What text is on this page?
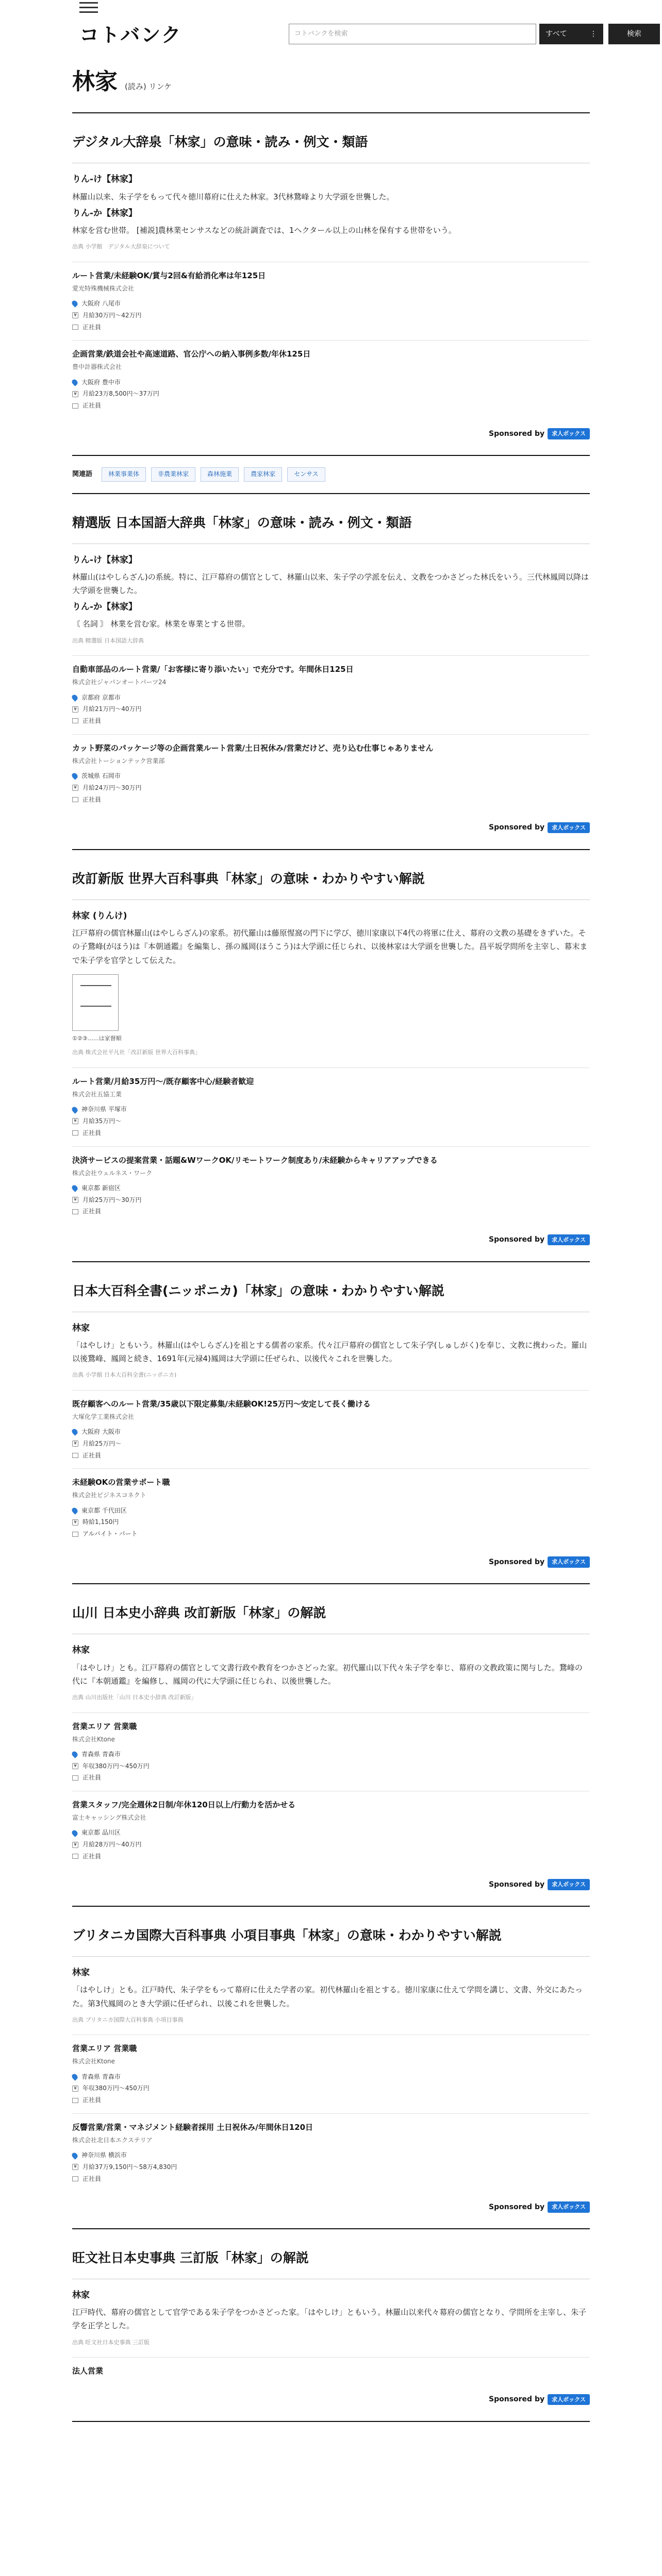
コトバンク	コトバンクを検索	すべて	⋮	検索
林家 (読み) リンケ
デジタル大辞泉「林家」の意味・読み・例文・類語
りん‐け【林家】
林羅山以来、朱子学をもって代々徳川幕府に仕えた林家。3代林鵞峰より大学頭を世襲した。
りん‐か【林家】
林家を営む世帯。 [補説]農林業センサスなどの統計調査では、1ヘクタール以上の山林を保有する世帯をいう。
出典 小学館　デジタル大辞泉について
ルート営業/未経験OK/賞与2回&有給消化率は年125日
愛光特殊機械株式会社
大阪府 八尾市
¥ 月給30万円〜42万円
正社員
企画営業/鉄道会社や高速道路、官公庁への納入事例多数/年休125日
豊中計器株式会社
大阪府 豊中市
¥ 月給23万8,500円〜37万円
正社員
Sponsored by	求人ボックス
関連語	林業事業体	非農業林家	森林施業	農家林家	センサス
精選版 日本国語大辞典「林家」の意味・読み・例文・類語
りん‐け【林家】
林羅山(はやしらざん)の系統。特に、江戸幕府の儒官として、林羅山以来、朱子学の学派を伝え、文教をつかさどった林氏をいう。三代林鳳岡以降は大学頭を世襲した。
りん‐か【林家】
〘 名詞 〙 林業を営む家。林業を専業とする世帯。
出典 精選版 日本国語大辞典
自動車部品のルート営業/「お客様に寄り添いたい」で充分です。年間休日125日
株式会社ジャパンオートパーツ24
京都府 京都市
¥ 月給21万円〜40万円
正社員
カット野菜のパッケージ等の企画営業ルート営業/土日祝休み/営業だけど、売り込む仕事じゃありません
株式会社トーションテック営業部
茨城県 石岡市
¥ 月給24万円〜30万円
正社員
Sponsored by	求人ボックス
改訂新版 世界大百科事典「林家」の意味・わかりやすい解説
林家 (りんけ)
江戸幕府の儒官林羅山(はやしらざん)の家系。初代羅山は藤原惺窩の門下に学び、徳川家康以下4代の将軍に仕え、幕府の文教の基礎をきずいた。その子鵞峰(がほう)は『本朝通鑑』を編集し、孫の鳳岡(ほうこう)は大学頭に任じられ、以後林家は大学頭を世襲した。昌平坂学問所を主宰し、幕末まで朱子学を官学として伝えた。
①②③……は家督順
出典 株式会社平凡社「改訂新版 世界大百科事典」
ルート営業/月給35万円〜/既存顧客中心/経験者歓迎
株式会社五協工業
神奈川県 平塚市
¥ 月給35万円〜
正社員
決済サービスの提案営業・話題&WワークOK/リモートワーク制度あり/未経験からキャリアアップできる
株式会社ウェルネス・ワーク
東京都 新宿区
¥ 月給25万円〜30万円
正社員
Sponsored by	求人ボックス
日本大百科全書(ニッポニカ)「林家」の意味・わかりやすい解説
林家
「はやしけ」ともいう。林羅山(はやしらざん)を祖とする儒者の家系。代々江戸幕府の儒官として朱子学(しゅしがく)を奉じ、文教に携わった。羅山以後鵞峰、鳳岡と続き、1691年(元禄4)鳳岡は大学頭に任ぜられ、以後代々これを世襲した。
出典 小学館 日本大百科全書(ニッポニカ)
既存顧客へのルート営業/35歳以下限定募集/未経験OK!25万円〜安定して長く働ける
大塚化学工業株式会社
大阪府 大阪市
¥ 月給25万円〜
正社員
未経験OKの営業サポート職
株式会社ビジネスコネクト
東京都 千代田区
¥ 時給1,150円
アルバイト・パート
Sponsored by	求人ボックス
山川 日本史小辞典 改訂新版「林家」の解説
林家
「はやしけ」とも。江戸幕府の儒官として文書行政や教育をつかさどった家。初代羅山以下代々朱子学を奉じ、幕府の文教政策に関与した。鵞峰の代に『本朝通鑑』を編修し、鳳岡の代に大学頭に任じられ、以後世襲した。
出典 山川出版社「山川 日本史小辞典 改訂新版」
営業エリア 営業職
株式会社Ktone
青森県 青森市
¥ 年収380万円〜450万円
正社員
営業スタッフ/完全週休2日制/年休120日以上/行動力を活かせる
富士キャッシング株式会社
東京都 品川区
¥ 月給28万円〜40万円
正社員
Sponsored by	求人ボックス
ブリタニカ国際大百科事典 小項目事典「林家」の意味・わかりやすい解説
林家
「はやしけ」とも。江戸時代、朱子学をもって幕府に仕えた学者の家。初代林羅山を祖とする。徳川家康に仕えて学問を講じ、文書、外交にあたった。第3代鳳岡のとき大学頭に任ぜられ、以後これを世襲した。
出典 ブリタニカ国際大百科事典 小項目事典
営業エリア 営業職
株式会社Ktone
青森県 青森市
¥ 年収380万円〜450万円
正社員
反響営業/営業・マネジメント経験者採用 土日祝休み/年間休日120日
株式会社北日本エクステリア
神奈川県 横浜市
¥ 月給37万9,150円〜58万4,830円
正社員
Sponsored by	求人ボックス
旺文社日本史事典 三訂版「林家」の解説
林家
江戸時代、幕府の儒官として官学である朱子学をつかさどった家。「はやしけ」ともいう。林羅山以来代々幕府の儒官となり、学問所を主宰し、朱子学を正学とした。
出典 旺文社日本史事典 三訂版
法人営業
Sponsored by	求人ボックス
